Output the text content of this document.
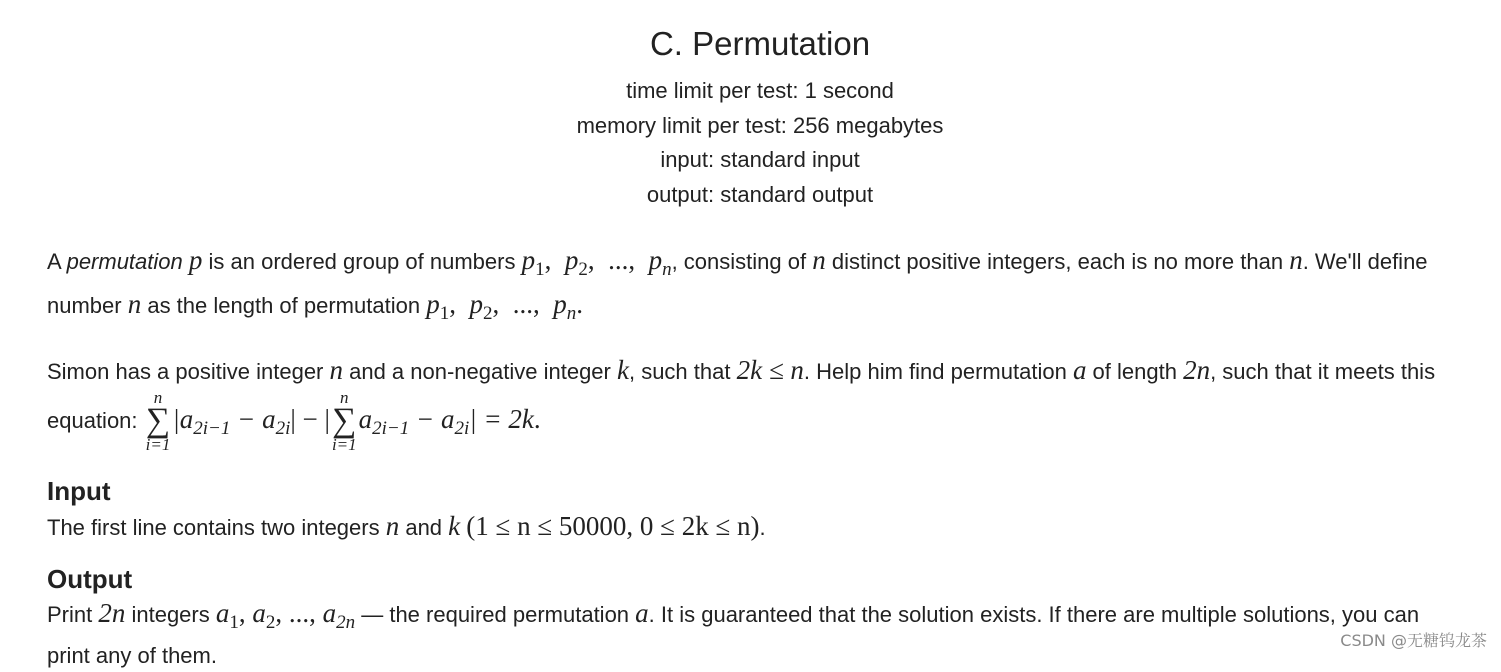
C. Permutation
time limit per test: 1 second
memory limit per test: 256 megabytes
input: standard input
output: standard output

A permutation p is an ordered group of numbers p1,  p2,  ...,  pn, consisting of n distinct positive integers, each is no more than n. We'll define number n as the length of permutation p1,  p2,  ...,  pn.

Simon has a positive integer n and a non-negative integer k, such that 2k ≤ n. Help him find permutation a of length 2n, such that it meets this equation:
n
∑
i=1
|a2i−1 − a2i| − |
n
∑
i=1
a2i−1 − a2i| = 2k.

Input

The first line contains two integers n and k (1 ≤ n ≤ 50000, 0 ≤ 2k ≤ n).

Output

Print 2n integers a1, a2, ..., a2n — the required permutation a. It is guaranteed that the solution exists. If there are multiple solutions, you can print any of them.

CSDN @无糖钨龙茶
